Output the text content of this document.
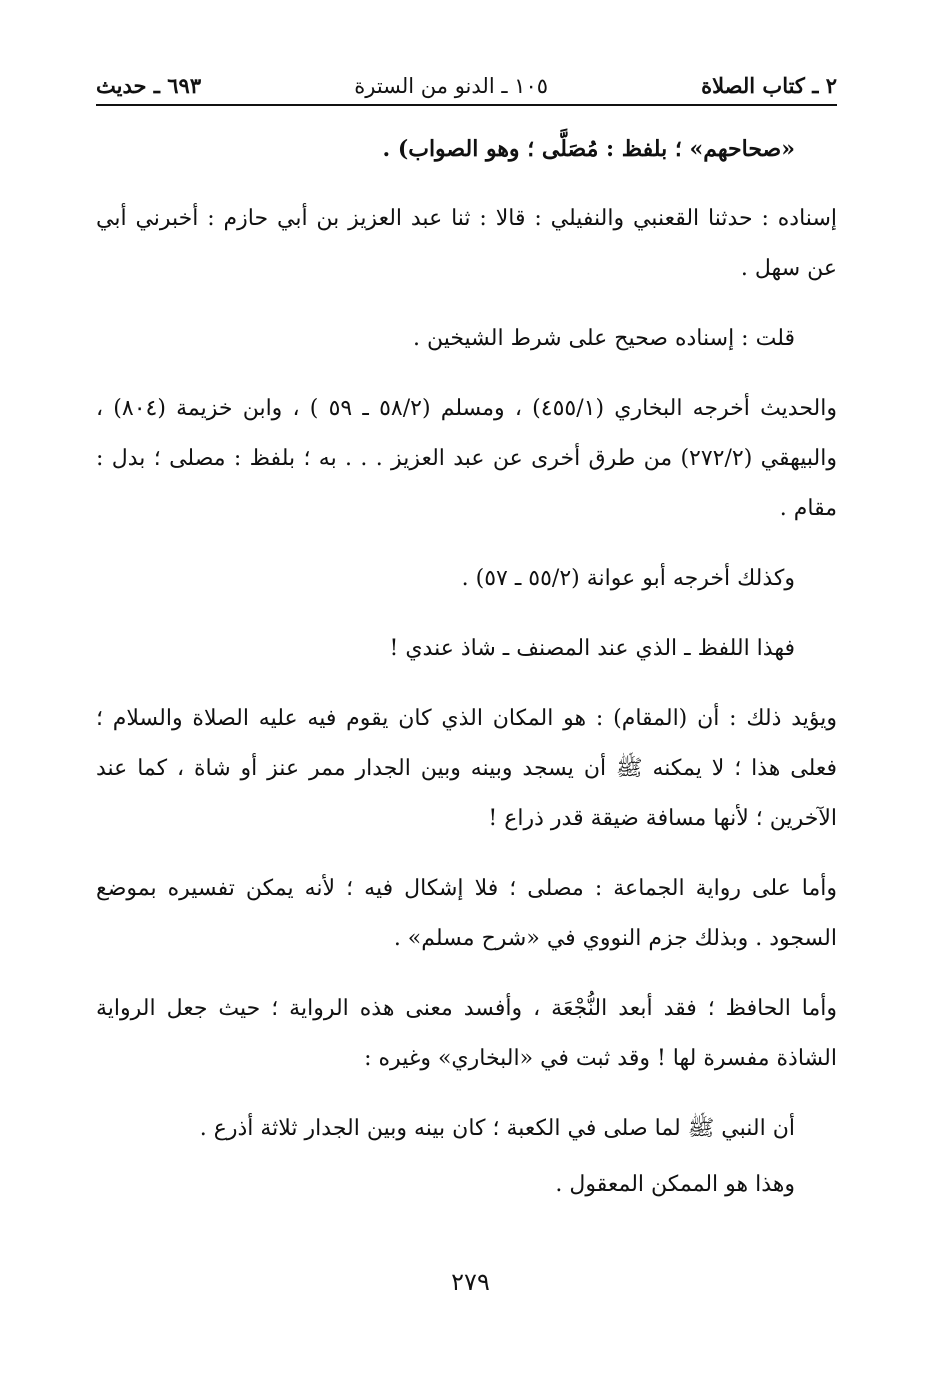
٢ ـ كتاب الصلاة
١٠٥ ـ الدنو من السترة
٦٩٣ ـ حديث

«صحاحهم» ؛ بلفظ : مُصَلَّى ؛ وهو الصواب) .

إسناده : حدثنا القعنبي والنفيلي : قالا : ثنا عبد العزيز بن أبي حازم : أخبرني أبي عن سهل .

قلت : إسناده صحيح على شرط الشيخين .

والحديث أخرجه البخاري (٤٥٥/١) ، ومسلم (٥٨/٢ ـ ٥٩ ) ، وابن خزيمة (٨٠٤) ، والبيهقي (٢٧٢/٢) من طرق أخرى عن عبد العزيز . . . به ؛ بلفظ : مصلى ؛ بدل : مقام .

وكذلك أخرجه أبو عوانة (٥٥/٢ ـ ٥٧) .

فهذا اللفظ ـ الذي عند المصنف ـ شاذ عندي !

ويؤيد ذلك : أن (المقام) : هو المكان الذي كان يقوم فيه عليه الصلاة والسلام ؛ فعلى هذا ؛ لا يمكنه ﷺ أن يسجد وبينه وبين الجدار ممر عنز أو شاة ، كما عند الآخرين ؛ لأنها مسافة ضيقة قدر ذراع !

وأما على رواية الجماعة : مصلى ؛ فلا إشكال فيه ؛ لأنه يمكن تفسيره بموضع السجود . وبذلك جزم النووي في «شرح مسلم» .

وأما الحافظ ؛ فقد أبعد النُّجْعَة ، وأفسد معنى هذه الرواية ؛ حيث جعل الرواية الشاذة مفسرة لها ! وقد ثبت في «البخاري» وغيره :

أن النبي ﷺ لما صلى في الكعبة ؛ كان بينه وبين الجدار ثلاثة أذرع .

وهذا هو الممكن المعقول .

٢٧٩
